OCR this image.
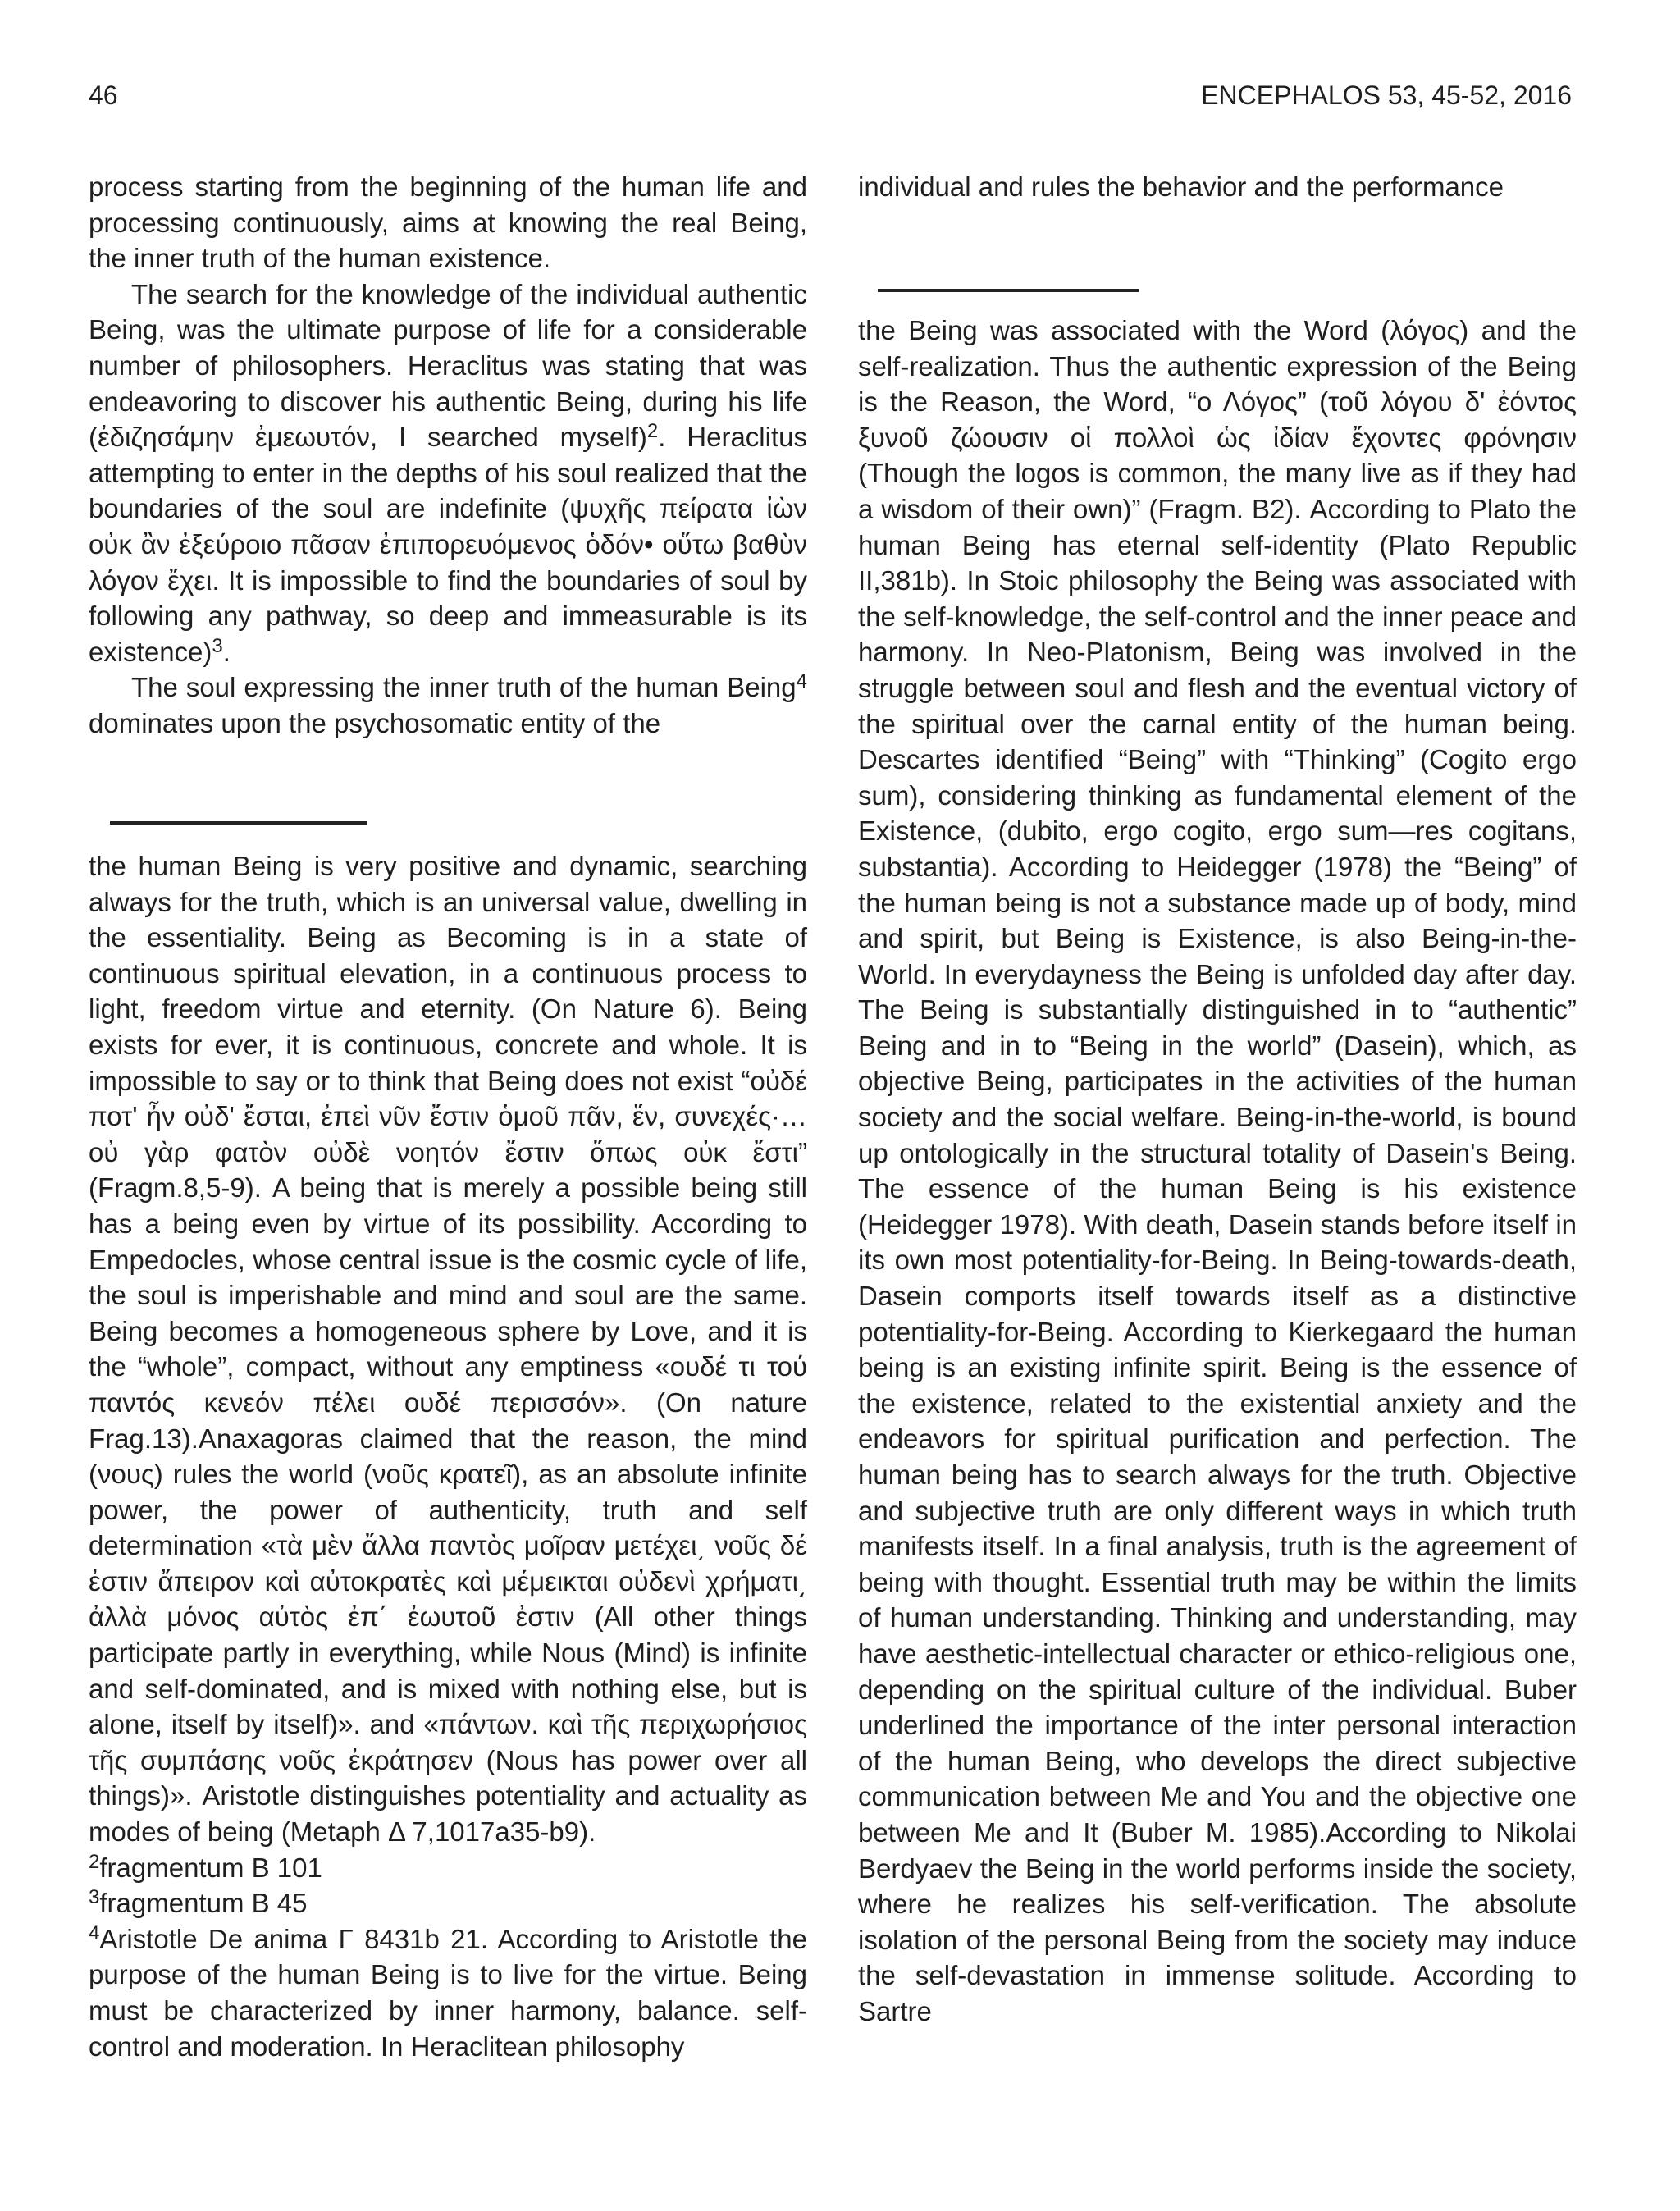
46	ENCEPHALOS 53, 45-52, 2016

process starting from the beginning of the human life and processing continuously, aims at knowing the real Being, the inner truth of the human existence.

The search for the knowledge of the individual authentic Being, was the ultimate purpose of life for a considerable number of philosophers. Heraclitus was stating that was endeavoring to discover his authentic Being, during his life (ἐδιζησάμην ἐμεωυτόν, I searched myself)$^2$. Heraclitus attempting to enter in the depths of his soul realized that the boundaries of the soul are indefinite (ψυχῆς πείρατα ἰὼν οὐκ ἂν ἐξεύροιο πᾶσαν ἐπιπορευόμενος ὁδόν• οὕτω βαθὺν λόγον ἔχει. It is impossible to find the boundaries of soul by following any pathway, so deep and immeasurable is its existence)$^3$.

The soul expressing the inner truth of the human Being$^4$ dominates upon the psychosomatic entity of the

the human Being is very positive and dynamic, searching always for the truth, which is an universal value, dwelling in the essentiality. Being as Becoming is in a state of continuous spiritual elevation, in a continuous process to light, freedom virtue and eternity. (On Nature 6). Being exists for ever, it is continuous, concrete and whole. It is impossible to say or to think that Being does not exist “οὐδέ ποτ' ἦν οὐδ' ἔσται, ἐπεὶ νῦν ἔστιν ὁμοῦ πᾶν, ἕν, συνεχές·… οὐ γὰρ φατὸν οὐδὲ νοητόν ἔστιν ὅπως οὐκ ἔστι” (Fragm.8,5-9). A being that is merely a possible being still has a being even by virtue of its possibility. According to Empedocles, whose central issue is the cosmic cycle of life, the soul is imperishable and mind and soul are the same. Being becomes a homogeneous sphere by Love, and it is the “whole”, compact, without any emptiness «ουδέ τι τού παντός κενεόν πέλει ουδέ περισσόν». (On nature Frag.13).Anaxagoras claimed that the reason, the mind (νους) rules the world (νοῦς κρατεῖ), as an absolute infinite power, the power of authenticity, truth and self determination «τὰ μὲν ἄλλα παντὸς μοῖραν μετέχει͵ νοῦς δέ ἐστιν ἄπειρον καὶ αὐτοκρατὲς καὶ μέμεικται οὐδενὶ χρήματι͵ ἀλλὰ μόνος αὐτὸς ἐπ΄ ἐωυτοῦ ἐστιν (All other things participate partly in everything, while Nous (Mind) is infinite and self-dominated, and is mixed with nothing else, but is alone, itself by itself)». and «πάντων. καὶ τῆς περιχωρήσιος τῆς συμπάσης νοῦς ἐκράτησεν (Nous has power over all things)». Aristotle distinguishes potentiality and actuality as modes of being (Metaph Δ 7,1017a35-b9).

$^2$fragmentum B 101

$^3$fragmentum B 45

$^4$Aristotle De anima Γ 8431b 21. According to Aristotle the purpose of the human Being is to live for the virtue. Being must be characterized by inner harmony, balance. self-control and moderation. In Heraclitean philosophy

individual and rules the behavior and the performance

the Being was associated with the Word (λόγος) and the self-realization. Thus the authentic expression of the Being is the Reason, the Word, “ο Λόγος” (τοῦ λόγου δ' ἐόντος ξυνοῦ ζώουσιν οἱ πολλοὶ ὡς ἰδίαν ἔχοντες φρόνησιν (Though the logos is common, the many live as if they had a wisdom of their own)” (Fragm. B2). According to Plato the human Being has eternal self-identity (Plato Republic II,381b). In Stoic philosophy the Being was associated with the self-knowledge, the self-control and the inner peace and harmony. In Neo-Platonism, Being was involved in the struggle between soul and flesh and the eventual victory of the spiritual over the carnal entity of the human being. Descartes identified “Being” with “Thinking” (Cogito ergo sum), considering thinking as fundamental element of the Existence, (dubito, ergo cogito, ergo sum—res cogitans, substantia). According to Heidegger (1978) the “Being” of the human being is not a substance made up of body, mind and spirit, but Being is Existence, is also Being-in-the-World. In everydayness the Being is unfolded day after day. The Being is substantially distinguished in to “authentic” Being and in to “Being in the world” (Dasein), which, as objective Being, participates in the activities of the human society and the social welfare. Being-in-the-world, is bound up ontologically in the structural totality of Dasein's Being. The essence of the human Being is his existence (Heidegger 1978). With death, Dasein stands before itself in its own most potentiality-for-Being. In Being-towards-death, Dasein comports itself towards itself as a distinctive potentiality-for-Being. According to Kierkegaard the human being is an existing infinite spirit. Being is the essence of the existence, related to the existential anxiety and the endeavors for spiritual purification and perfection. The human being has to search always for the truth. Objective and subjective truth are only different ways in which truth manifests itself. In a final analysis, truth is the agreement of being with thought. Essential truth may be within the limits of human understanding. Thinking and understanding, may have aesthetic-intellectual character or ethico-religious one, depending on the spiritual culture of the individual. Buber underlined the importance of the inter personal interaction of the human Being, who develops the direct subjective communication between Me and You and the objective one between Me and It (Buber M. 1985).According to Nikolai Berdyaev the Being in the world performs inside the society, where he realizes his self-verification. The absolute isolation of the personal Being from the society may induce the self-devastation in immense solitude. According to Sartre
